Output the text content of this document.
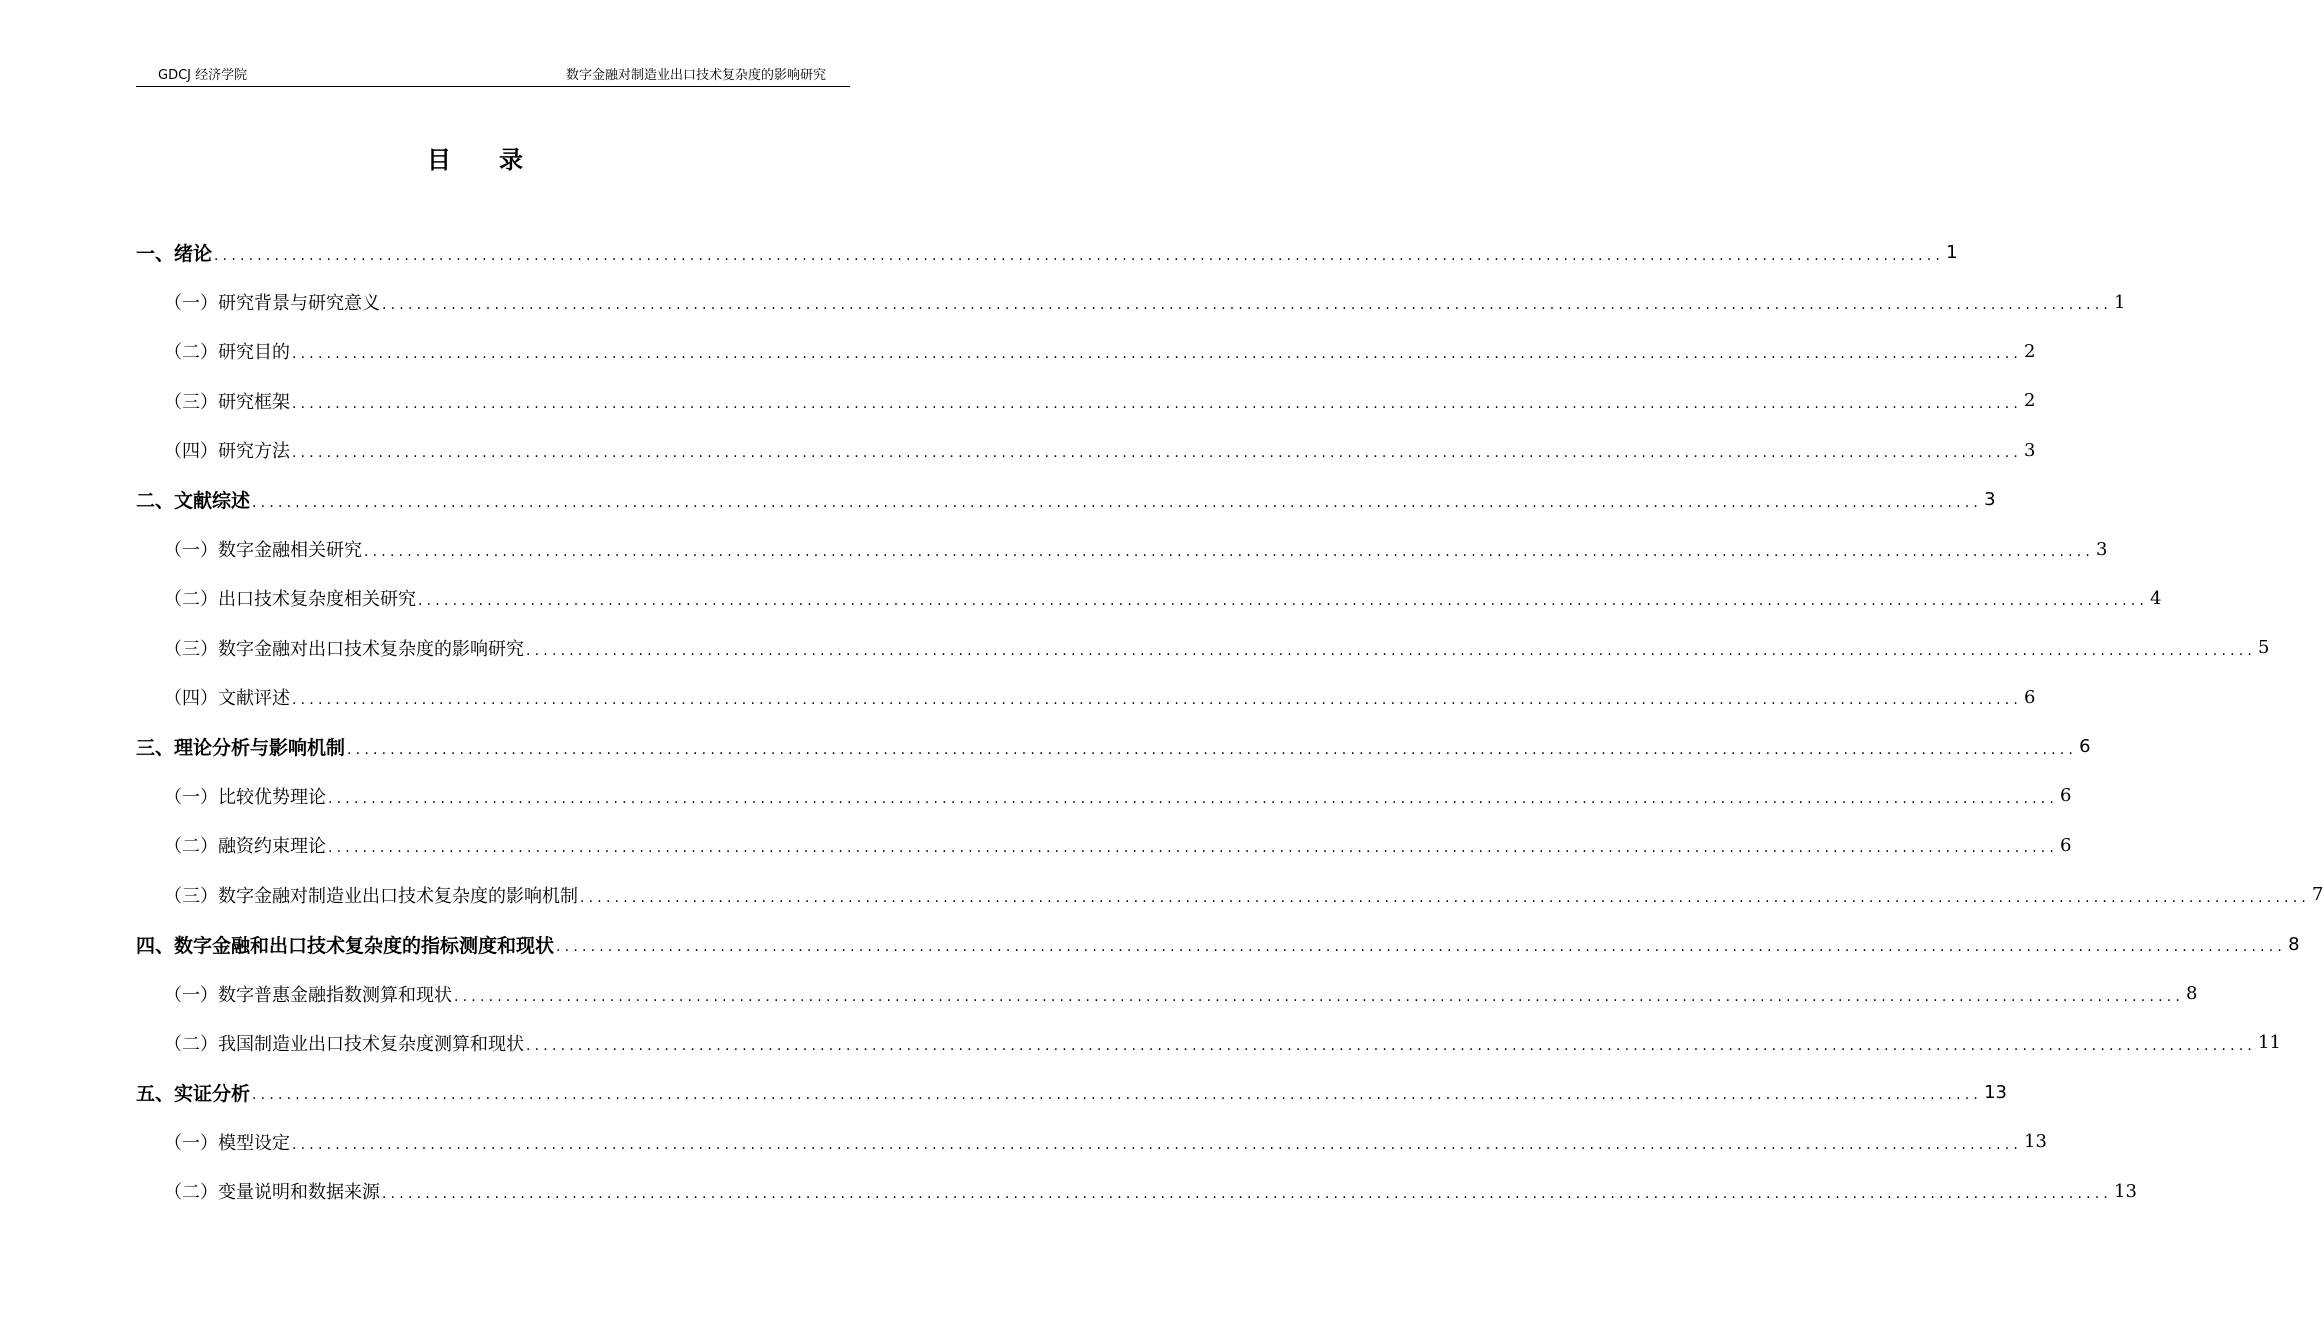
GDCJ 经济学院	数字金融对制造业出口技术复杂度的影响研究
目 录
一、绪论 ........................................................................................................................................................................................................ 1
（一）研究背景与研究意义 ........................................................................................................................................................................................................ 1
（二）研究目的 ........................................................................................................................................................................................................ 2
（三）研究框架 ........................................................................................................................................................................................................ 2
（四）研究方法 ........................................................................................................................................................................................................ 3
二、文献综述 ........................................................................................................................................................................................................ 3
（一）数字金融相关研究 ........................................................................................................................................................................................................ 3
（二）出口技术复杂度相关研究 ........................................................................................................................................................................................................ 4
（三）数字金融对出口技术复杂度的影响研究 ........................................................................................................................................................................................................ 5
（四）文献评述 ........................................................................................................................................................................................................ 6
三、理论分析与影响机制 ........................................................................................................................................................................................................ 6
（一）比较优势理论 ........................................................................................................................................................................................................ 6
（二）融资约束理论 ........................................................................................................................................................................................................ 6
（三）数字金融对制造业出口技术复杂度的影响机制 ........................................................................................................................................................................................................ 7
四、数字金融和出口技术复杂度的指标测度和现状 ........................................................................................................................................................................................................ 8
（一）数字普惠金融指数测算和现状 ........................................................................................................................................................................................................ 8
（二）我国制造业出口技术复杂度测算和现状 ........................................................................................................................................................................................................ 11
五、实证分析 ........................................................................................................................................................................................................ 13
（一）模型设定 ........................................................................................................................................................................................................ 13
（二）变量说明和数据来源 ........................................................................................................................................................................................................ 13
